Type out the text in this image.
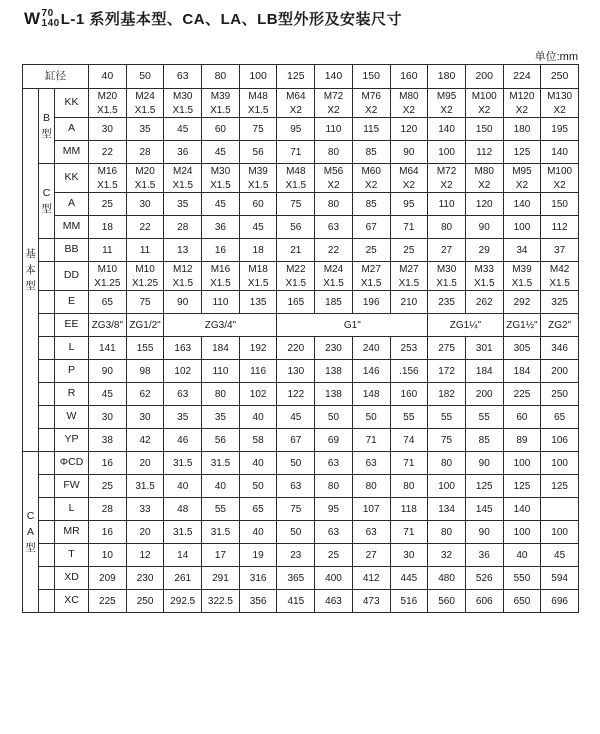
W70
140L-1 系列基本型、CA、LA、LB型外形及安装尺寸
单位:mm
缸径			40	50	63	80	100	125	140	150	160	180	200	224	250

基
本
型	B
型	KK	M20	M24	M30	M39	M48	M64	M72	M76	M80	M95	M100	M120	M130
			X1.5	X1.5	X1.5	X1.5	X1.5	X2	X2	X2	X2	X2	X2	X2	X2
		A	30	35	45	60	75	95	110	115	120	140	150	180	195
		MM	22	28	36	45	56	71	80	85	90	100	112	125	140

	C
型	KK	M16	M20	M24	M30	M39	M48	M56	M60	M64	M72	M80	M95	M100
			X1.5	X1.5	X1.5	X1.5	X1.5	X1.5	X2	X2	X2	X2	X2	X2	X2
		A	25	30	35	45	60	75	80	85	95	110	120	140	150
		MM	18	22	28	36	45	56	63	67	71	80	90	100	112
		BB	11	11	13	16	18	21	22	25	25	27	29	34	37
		DD	M10	M10	M12	M16	M18	M22	M24	M27	M27	M30	M33	M39	M42
			X1.25	X1.25	X1.5	X1.5	X1.5	X1.5	X1.5	X1.5	X1.5	X1.5	X1.5	X1.5	X1.5
		E	65	75	90	110	135	165	185	196	210	235	262	292	325
		EE	ZG3/8"	ZG1/2"	ZG3/4"			G1"				ZG1¼"		ZG1½"	ZG2"
		L	141	155	163	184	192	220	230	240	253	275	301	305	346
		P	90	98	102	110	116	130	138	146	.156	172	184	184	200
		R	45	62	63	80	102	122	138	148	160	182	200	225	250
		W	30	30	35	35	40	45	50	50	55	55	55	60	65
		YP	38	42	46	56	58	67	69	71	74	75	85	89	106

C
A
型		ΦCD	16	20	31.5	31.5	40	50	63	63	71	80	90	100	100
		FW	25	31.5	40	40	50	63	80	80	80	100	125	125	125
		L	28	33	48	55	65	75	95	107	118	134	145	140	
		MR	16	20	31.5	31.5	40	50	63	63	71	80	90	100	100
		T	10	12	14	17	19	23	25	27	30	32	36	40	45
		XD	209	230	261	291	316	365	400	412	445	480	526	550	594
		XC	225	250	292.5	322.5	356	415	463	473	516	560	606	650	696
